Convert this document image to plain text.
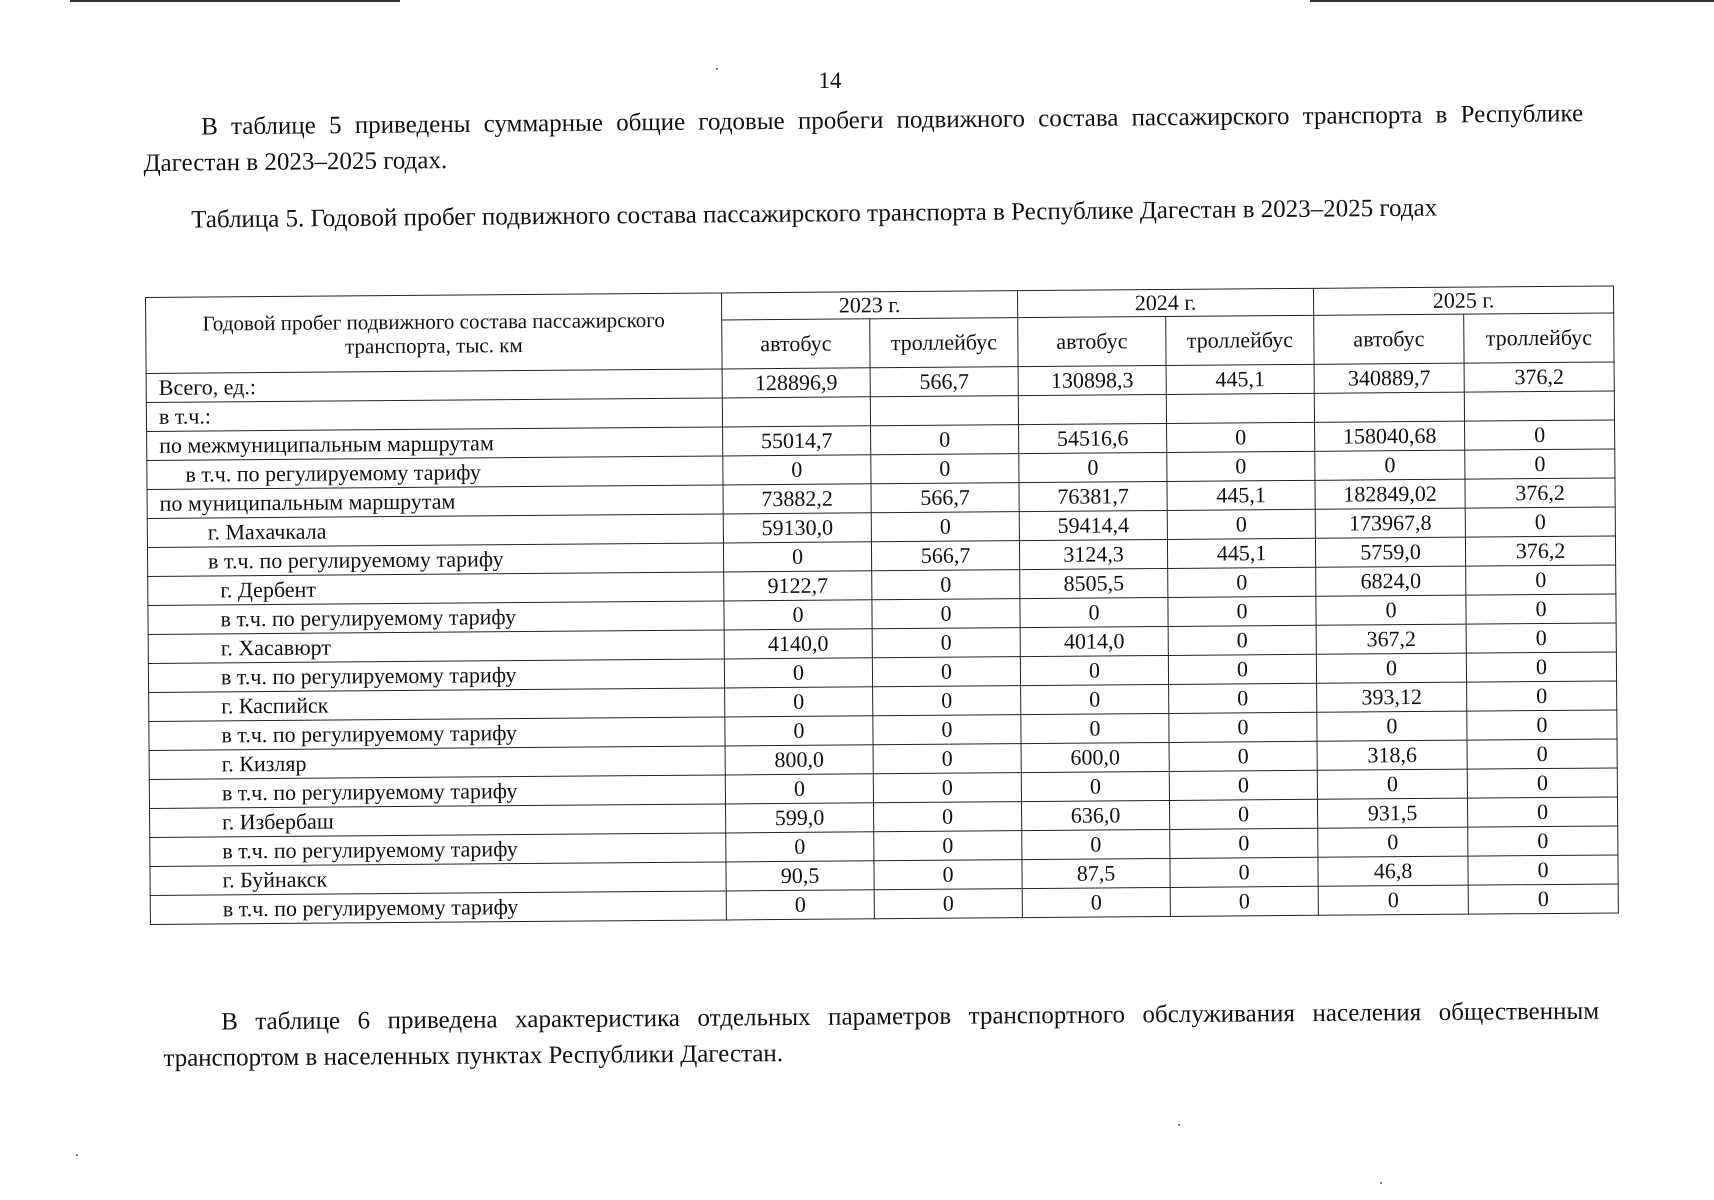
14

В таблице 5 приведены суммарные общие годовые пробеги подвижного состава пассажирского транспорта в Республике Дагестан в 2023–2025 годах.

Таблица 5. Годовой пробег подвижного состава пассажирского транспорта в Республике Дагестан в 2023–2025 годах

Годовой пробег подвижного состава пассажирского транспорта, тыс. км	2023 г.		2024 г.		2025 г.	
	автобус	троллейбус	автобус	троллейбус	автобус	троллейбус
Всего, ед.:	128896,9	566,7	130898,3	445,1	340889,7	376,2
в т.ч.:						
по межмуниципальным маршрутам	55014,7	0	54516,6	0	158040,68	0
в т.ч. по регулируемому тарифу	0	0	0	0	0	0
по муниципальным маршрутам	73882,2	566,7	76381,7	445,1	182849,02	376,2
г. Махачкала	59130,0	0	59414,4	0	173967,8	0
в т.ч. по регулируемому тарифу	0	566,7	3124,3	445,1	5759,0	376,2
г. Дербент	9122,7	0	8505,5	0	6824,0	0
в т.ч. по регулируемому тарифу	0	0	0	0	0	0
г. Хасавюрт	4140,0	0	4014,0	0	367,2	0
в т.ч. по регулируемому тарифу	0	0	0	0	0	0
г. Каспийск	0	0	0	0	393,12	0
в т.ч. по регулируемому тарифу	0	0	0	0	0	0
г. Кизляр	800,0	0	600,0	0	318,6	0
в т.ч. по регулируемому тарифу	0	0	0	0	0	0
г. Избербаш	599,0	0	636,0	0	931,5	0
в т.ч. по регулируемому тарифу	0	0	0	0	0	0
г. Буйнакск	90,5	0	87,5	0	46,8	0
в т.ч. по регулируемому тарифу	0	0	0	0	0	0

В таблице 6 приведена характеристика отдельных параметров транспортного обслуживания населения общественным транспортом в населенных пунктах Республики Дагестан.
